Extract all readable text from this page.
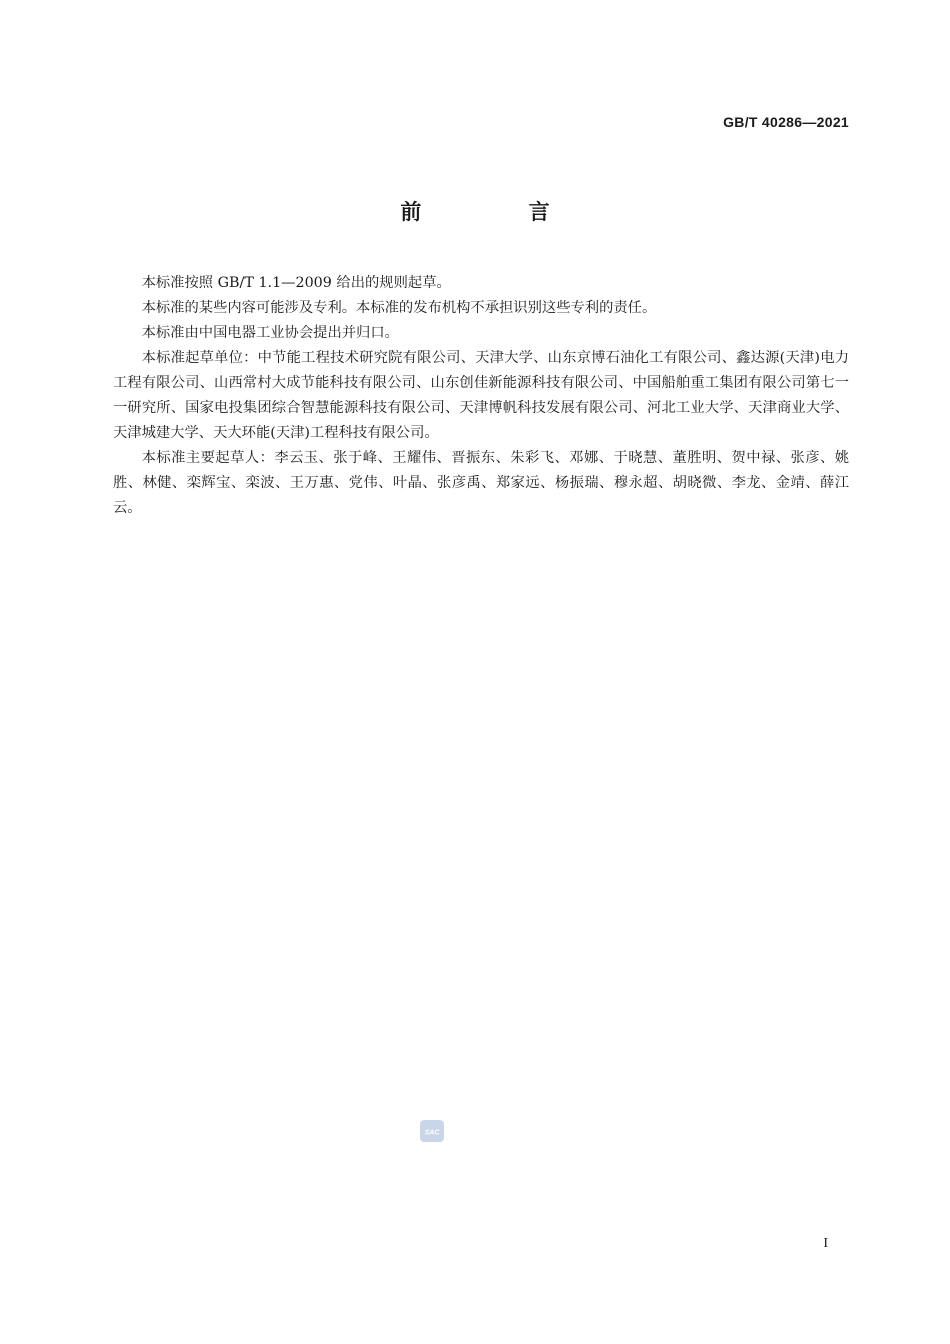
GB/T 40286—2021
前 言

本标准按照 GB/T 1.1—2009 给出的规则起草。

本标准的某些内容可能涉及专利。本标准的发布机构不承担识别这些专利的责任。

本标准由中国电器工业协会提出并归口。

本标准起草单位：中节能工程技术研究院有限公司、天津大学、山东京博石油化工有限公司、鑫达源(天津)电力工程有限公司、山西常村大成节能科技有限公司、山东创佳新能源科技有限公司、中国船舶重工集团有限公司第七一一研究所、国家电投集团综合智慧能源科技有限公司、天津博帆科技发展有限公司、河北工业大学、天津商业大学、天津城建大学、天大环能(天津)工程科技有限公司。

本标准主要起草人：李云玉、张于峰、王耀伟、晋振东、朱彩飞、邓娜、于晓慧、董胜明、贺中禄、张彦、姚胜、林健、栾辉宝、栾波、王万惠、党伟、叶晶、张彦禹、郑家远、杨振瑞、穆永超、胡晓微、李龙、金靖、薛江云。

SAC
I
